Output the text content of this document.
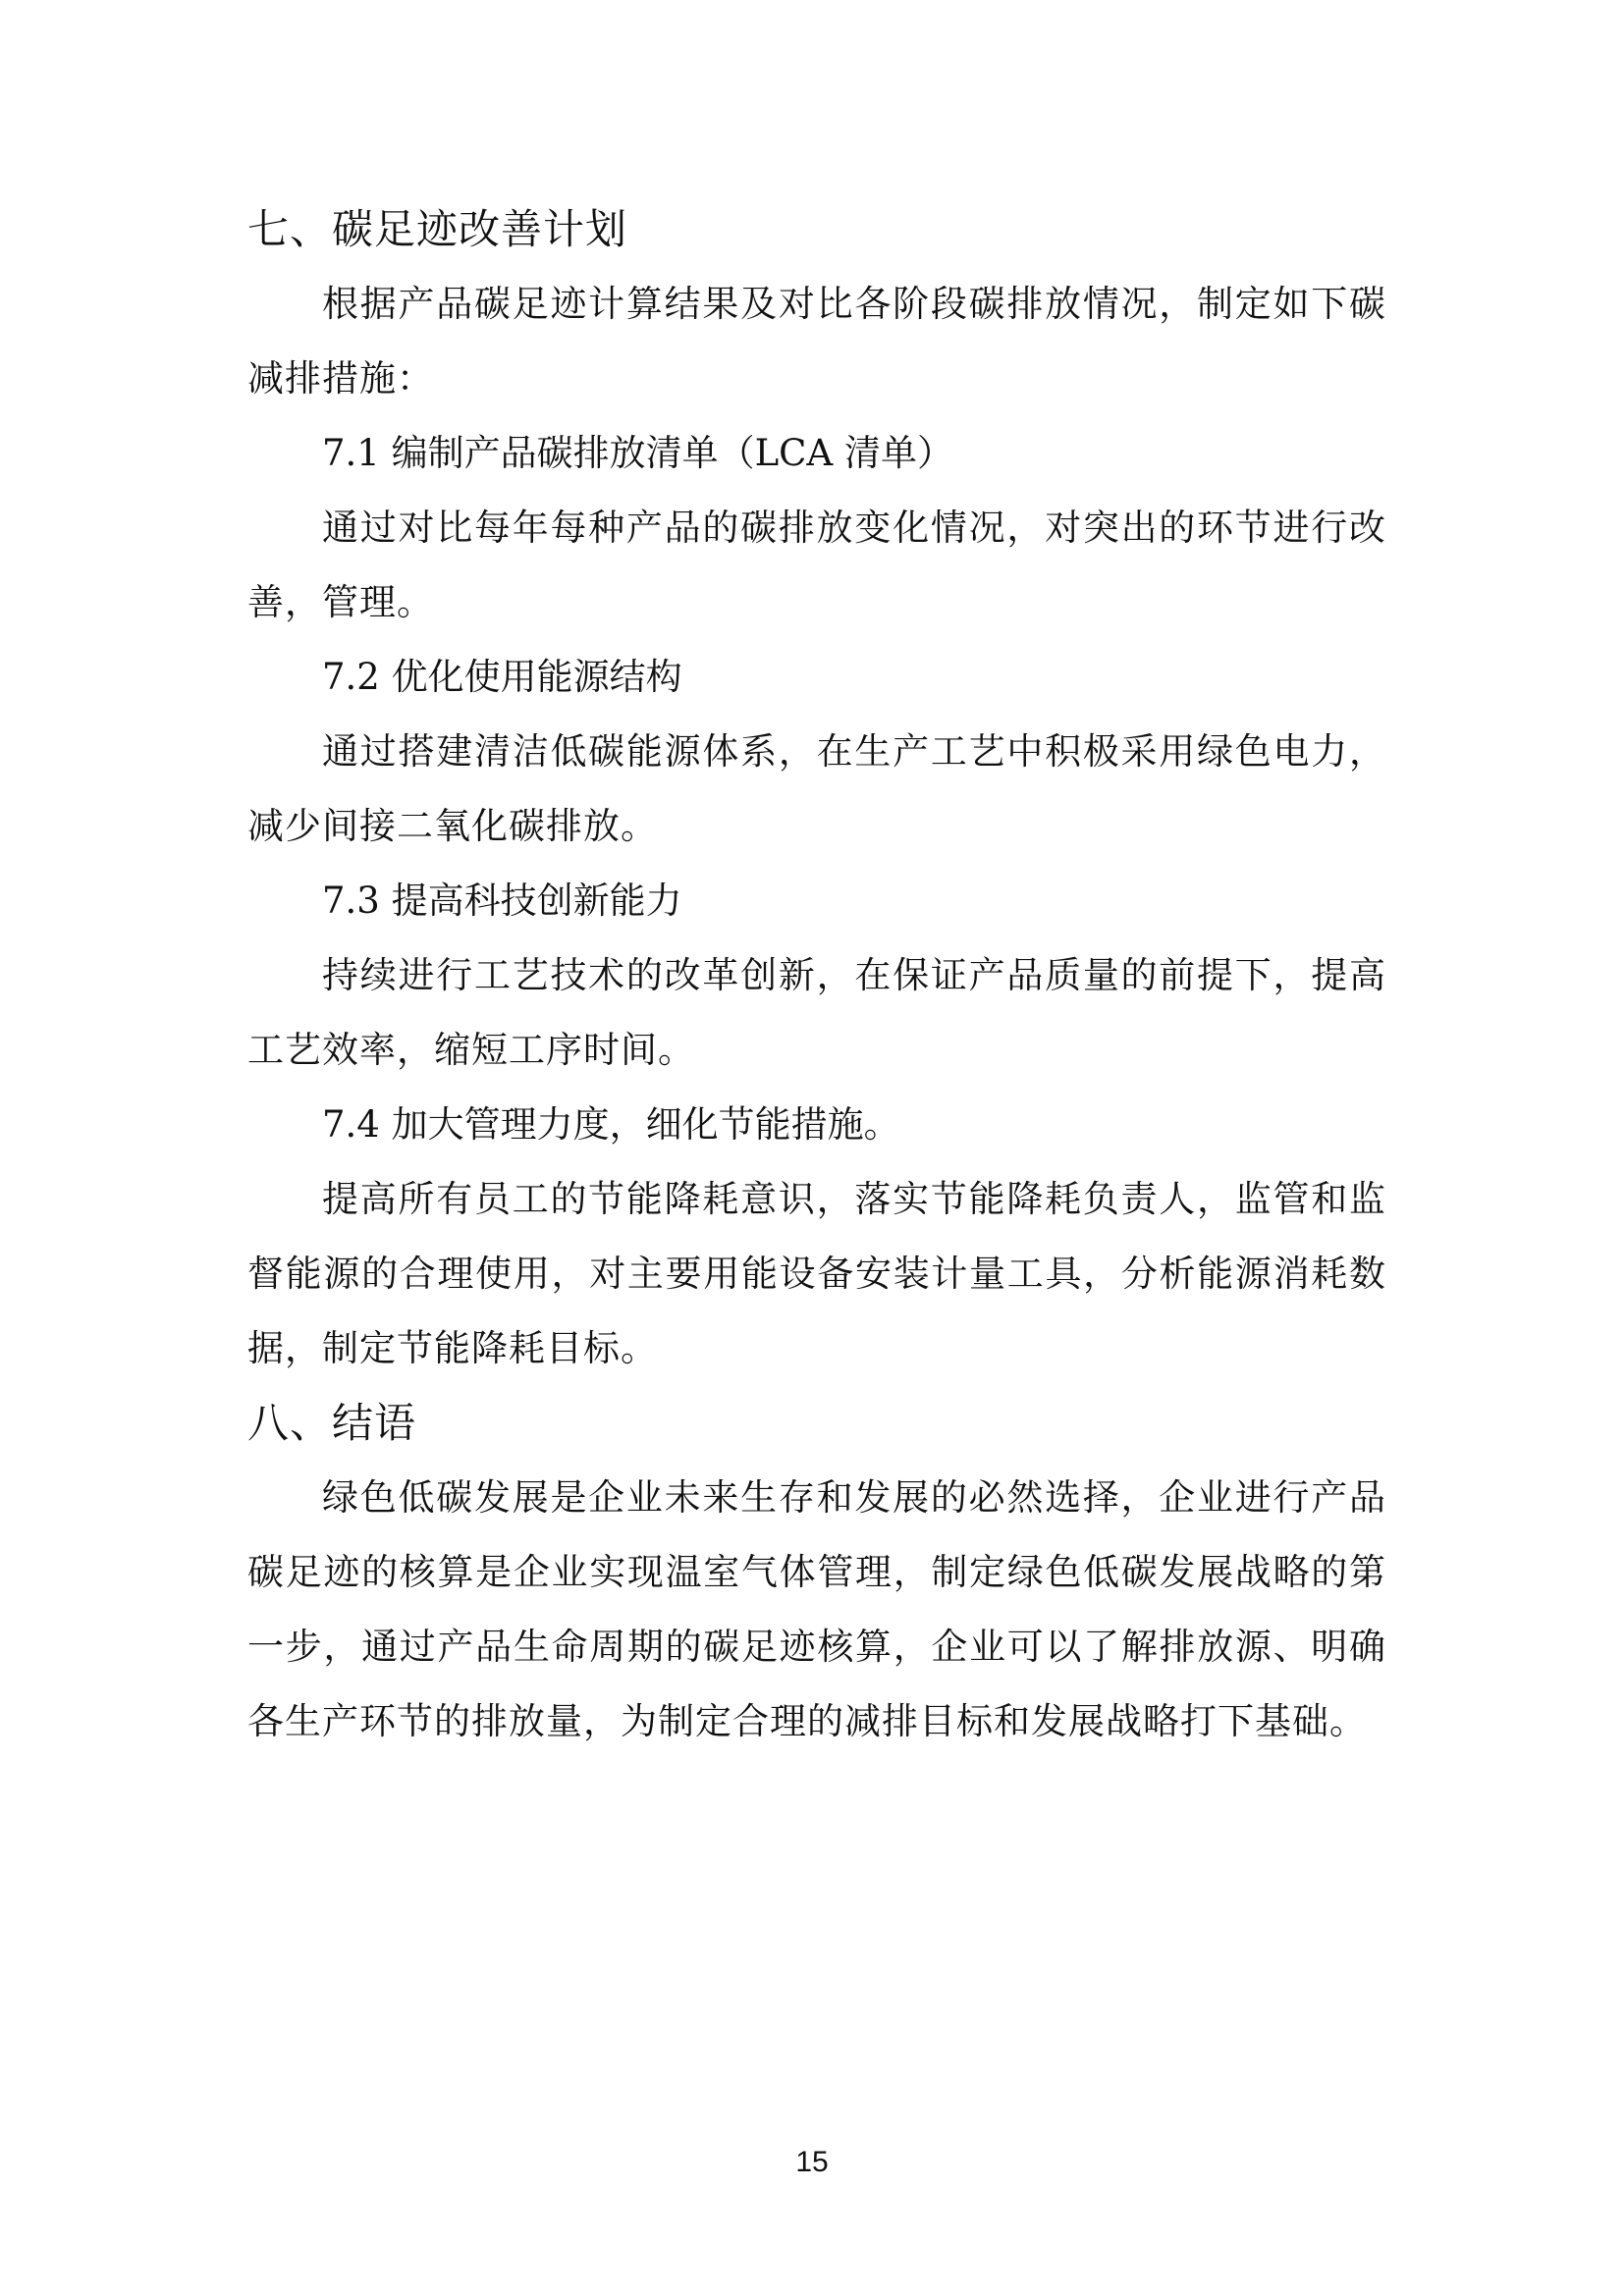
七、碳足迹改善计划

根据产品碳足迹计算结果及对比各阶段碳排放情况，制定如下碳减排措施：

7.1 编制产品碳排放清单（LCA 清单）

通过对比每年每种产品的碳排放变化情况，对突出的环节进行改善，管理。

7.2 优化使用能源结构

通过搭建清洁低碳能源体系，在生产工艺中积极采用绿色电力，减少间接二氧化碳排放。

7.3 提高科技创新能力

持续进行工艺技术的改革创新，在保证产品质量的前提下，提高工艺效率，缩短工序时间。

7.4 加大管理力度，细化节能措施。

提高所有员工的节能降耗意识，落实节能降耗负责人，监管和监督能源的合理使用，对主要用能设备安装计量工具，分析能源消耗数据，制定节能降耗目标。

八、结语

绿色低碳发展是企业未来生存和发展的必然选择，企业进行产品碳足迹的核算是企业实现温室气体管理，制定绿色低碳发展战略的第一步，通过产品生命周期的碳足迹核算，企业可以了解排放源、明确各生产环节的排放量，为制定合理的减排目标和发展战略打下基础。

15
